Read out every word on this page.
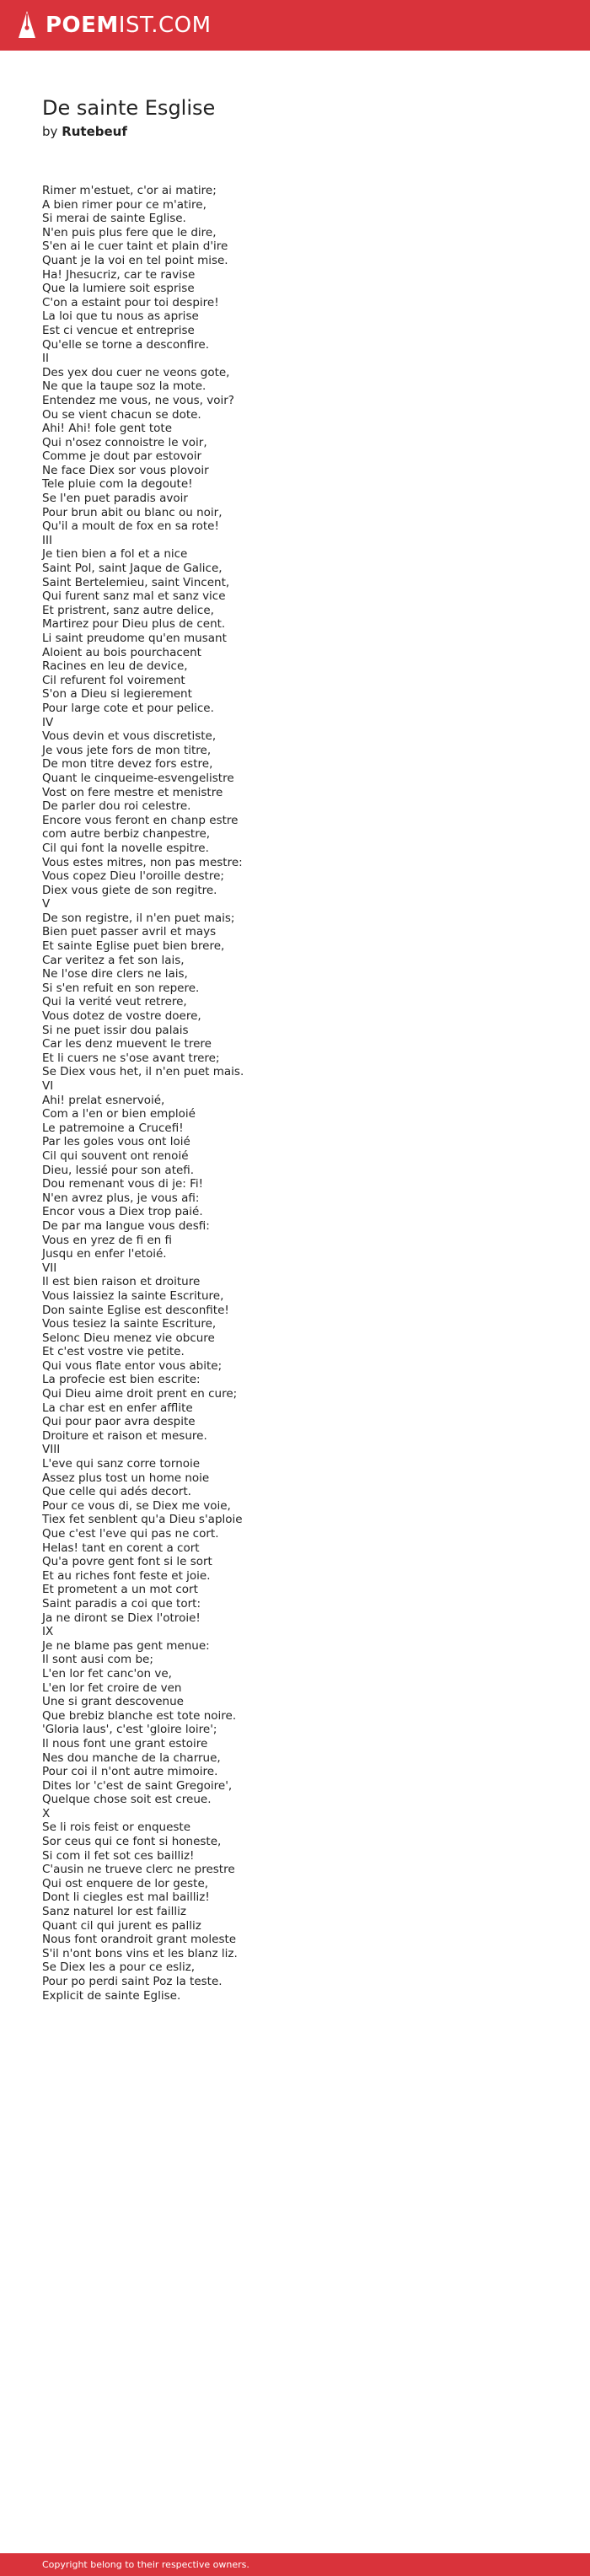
POEMIST.COM
De sainte Esglise
by Rutebeuf
Rimer m'estuet, c'or ai matire;
A bien rimer pour ce m'atire,
Si merai de sainte Eglise.
N'en puis plus fere que le dire,
S'en ai le cuer taint et plain d'ire
Quant je la voi en tel point mise.
Ha! Jhesucriz, car te ravise
Que la lumiere soit esprise
C'on a estaint pour toi despire!
La loi que tu nous as aprise
Est ci vencue et entreprise
Qu'elle se torne a desconfire.
II
Des yex dou cuer ne veons gote,
Ne que la taupe soz la mote.
Entendez me vous, ne vous, voir?
Ou se vient chacun se dote.
Ahi! Ahi! fole gent tote
Qui n'osez connoistre le voir,
Comme je dout par estovoir
Ne face Diex sor vous plovoir
Tele pluie com la degoute!
Se l'en puet paradis avoir
Pour brun abit ou blanc ou noir,
Qu'il a moult de fox en sa rote!
III
Je tien bien a fol et a nice
Saint Pol, saint Jaque de Galice,
Saint Bertelemieu, saint Vincent,
Qui furent sanz mal et sanz vice
Et pristrent, sanz autre delice,
Martirez pour Dieu plus de cent.
Li saint preudome qu'en musant
Aloient au bois pourchacent
Racines en leu de device,
Cil refurent fol voirement
S'on a Dieu si legierement
Pour large cote et pour pelice.
IV
Vous devin et vous discretiste,
Je vous jete fors de mon titre,
De mon titre devez fors estre,
Quant le cinqueime-esvengelistre
Vost on fere mestre et menistre
De parler dou roi celestre.
Encore vous feront en chanp estre
com autre berbiz chanpestre,
Cil qui font la novelle espitre.
Vous estes mitres, non pas mestre:
Vous copez Dieu l'oroille destre;
Diex vous giete de son regitre.
V
De son registre, il n'en puet mais;
Bien puet passer avril et mays
Et sainte Eglise puet bien brere,
Car veritez a fet son lais,
Ne l'ose dire clers ne lais,
Si s'en refuit en son repere.
Qui la verité veut retrere,
Vous dotez de vostre doere,
Si ne puet issir dou palais
Car les denz muevent le trere
Et li cuers ne s'ose avant trere;
Se Diex vous het, il n'en puet mais.
VI
Ahi! prelat esnervoié,
Com a l'en or bien emploié
Le patremoine a Crucefi!
Par les goles vous ont loié
Cil qui souvent ont renoié
Dieu, lessié pour son atefi.
Dou remenant vous di je: Fi!
N'en avrez plus, je vous afi:
Encor vous a Diex trop paié.
De par ma langue vous desfi:
Vous en yrez de fi en fi
Jusqu en enfer l'etoié.
VII
Il est bien raison et droiture
Vous laissiez la sainte Escriture,
Don sainte Eglise est desconfite!
Vous tesiez la sainte Escriture,
Selonc Dieu menez vie obcure
Et c'est vostre vie petite.
Qui vous flate entor vous abite;
La profecie est bien escrite:
Qui Dieu aime droit prent en cure;
La char est en enfer afflite
Qui pour paor avra despite
Droiture et raison et mesure.
VIII
L'eve qui sanz corre tornoie
Assez plus tost un home noie
Que celle qui adés decort.
Pour ce vous di, se Diex me voie,
Tiex fet senblent qu'a Dieu s'aploie
Que c'est l'eve qui pas ne cort.
Helas! tant en corent a cort
Qu'a povre gent font si le sort
Et au riches font feste et joie.
Et prometent a un mot cort
Saint paradis a coi que tort:
Ja ne diront se Diex l'otroie!
IX
Je ne blame pas gent menue:
Il sont ausi com be;
L'en lor fet canc'on ve,
L'en lor fet croire de ven
Une si grant descovenue
Que brebiz blanche est tote noire.
'Gloria laus', c'est 'gloire loire';
Il nous font une grant estoire
Nes dou manche de la charrue,
Pour coi il n'ont autre mimoire.
Dites lor 'c'est de saint Gregoire',
Quelque chose soit est creue.
X
Se li rois feist or enqueste
Sor ceus qui ce font si honeste,
Si com il fet sot ces bailliz!
C'ausin ne trueve clerc ne prestre
Qui ost enquere de lor geste,
Dont li ciegles est mal bailliz!
Sanz naturel lor est failliz
Quant cil qui jurent es palliz
Nous font orandroit grant moleste
S'il n'ont bons vins et les blanz liz.
Se Diex les a pour ce esliz,
Pour po perdi saint Poz la teste.
Explicit de sainte Eglise.
Copyright belong to their respective owners.
